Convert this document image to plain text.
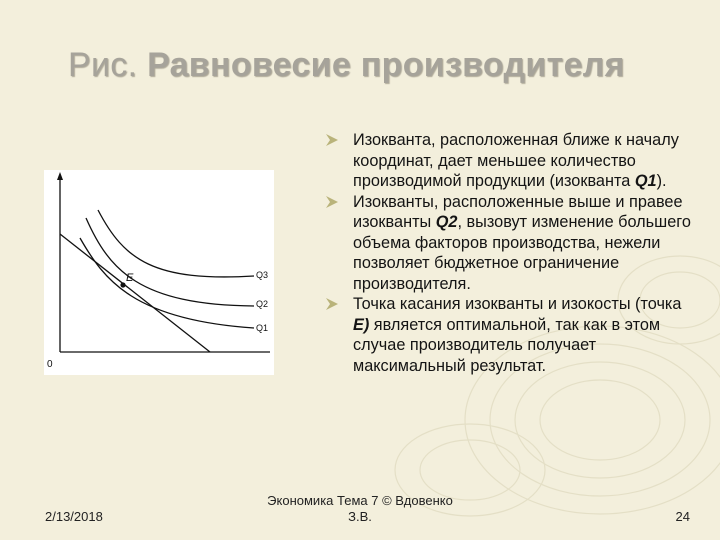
Рис. Равновесие производителя
E
0
Q3
Q2
Q1
Изокванта, расположенная ближе к началу координат, дает меньшее количество производимой продукции (изокванта Q1).
Изокванты, расположенные выше и правее изокванты Q2, вызовут изменение большего объема факторов производства, нежели позволяет бюджетное ограничение производителя.
Точка касания изокванты и изокосты (точка E) является оптимальной, так как в этом случае производитель получает максимальный результат.
2/13/2018
Экономика Тема 7 © Вдовенко
З.В.	24
